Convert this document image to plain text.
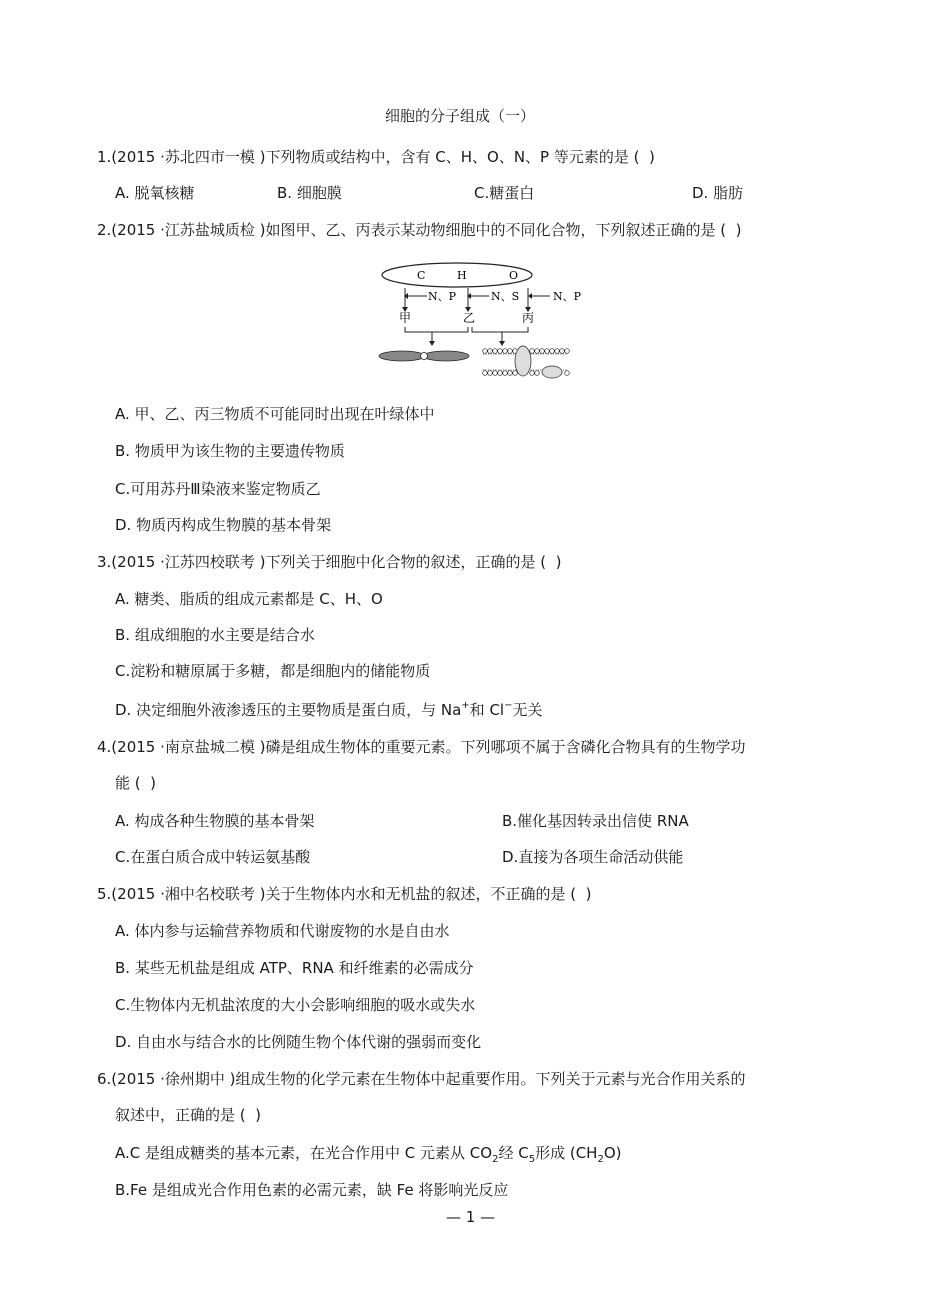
细胞的分子组成（一）
1.(2015 ·苏北四市一模 )下列物质或结构中，含有 C、H、O、N、P 等元素的是 (  )
A. 脱氧核糖	B. 细胞膜	C.糖蛋白	D. 脂肪
2.(2015 ·江苏盐城质检 )如图甲、乙、丙表示某动物细胞中的不同化合物，下列叙述正确的是 (  )
C	H	O
N、P	N、S	N、P
甲	乙	丙
A. 甲、乙、丙三物质不可能同时出现在叶绿体中
B. 物质甲为该生物的主要遗传物质
C.可用苏丹Ⅲ染液来鉴定物质乙
D. 物质丙构成生物膜的基本骨架
3.(2015 ·江苏四校联考 )下列关于细胞中化合物的叙述，正确的是 (  )
A. 糖类、脂质的组成元素都是 C、H、O
B. 组成细胞的水主要是结合水
C.淀粉和糖原属于多糖，都是细胞内的储能物质
D. 决定细胞外液渗透压的主要物质是蛋白质，与 Na+和 Cl−无关
4.(2015 ·南京盐城二模 )磷是组成生物体的重要元素。下列哪项不属于含磷化合物具有的生物学功
能 (  )
A. 构成各种生物膜的基本骨架	B.催化基因转录出信使 RNA
C.在蛋白质合成中转运氨基酸	D.直接为各项生命活动供能
5.(2015 ·湘中名校联考 )关于生物体内水和无机盐的叙述，不正确的是 (  )
A. 体内参与运输营养物质和代谢废物的水是自由水
B. 某些无机盐是组成 ATP、RNA 和纤维素的必需成分
C.生物体内无机盐浓度的大小会影响细胞的吸水或失水
D. 自由水与结合水的比例随生物个体代谢的强弱而变化
6.(2015 ·徐州期中 )组成生物的化学元素在生物体中起重要作用。下列关于元素与光合作用关系的
叙述中，正确的是 (  )
A.C 是组成糖类的基本元素，在光合作用中 C 元素从 $CO_2$经 $C_5$形成 $(CH_2O)$
B.Fe 是组成光合作用色素的必需元素，缺 Fe 将影响光反应
— 1 —
